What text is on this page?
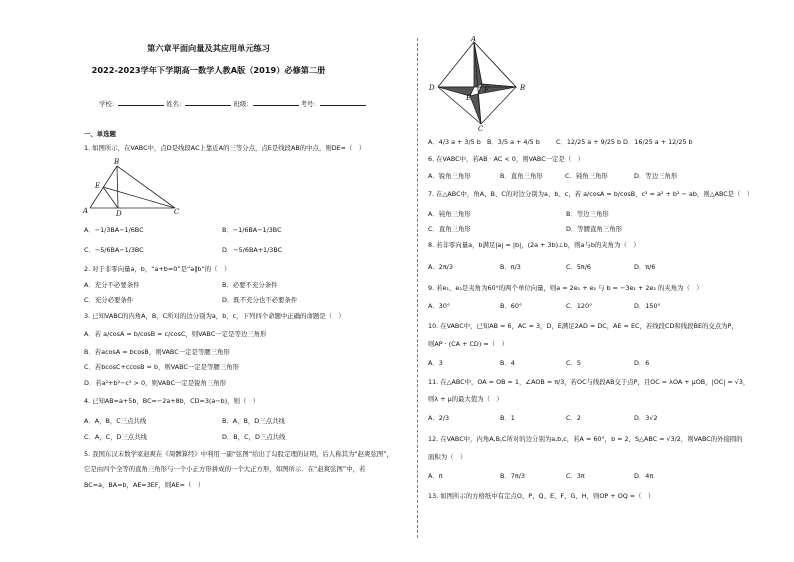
第六章平面向量及其应用单元练习
2022-2023学年下学期高一数学人教A版（2019）必修第二册
学校：	姓名：	班级：	考号：
一、单选题
1. 如图所示，在VABC中，点D是线段AC上靠近A的三等分点，点E是线段AB的中点，则DE=（　）
B
E
A	D	C
A．−1/3BA−1/6BC	B．−1/6BA−1/3BC
C．−5/6BA−1/3BC	D．−5/6BA+1/3BC
2. 对于非零向量a，b，“a+b=0”是“a∥b”的（　）
A．充分不必要条件	B．必要不充分条件
C．充分必要条件	D．既不充分也不必要条件
3. 已知VABC的内角A，B，C所对的边分别为a，b，c，下列四个命题中正确的命题是（　）
A．若 a/cosA = b/cosB = c/cosC，则VABC一定是等边三角形
B．若acosA = bcosB，则VABC一定是等腰三角形
C．若bcosC+ccosB = b，则VABC一定是等腰三角形
D．若a²+b²−c² > 0，则VABC一定是锐角三角形
4. 已知AB=a+5b，BC=−2a+8b，CD=3(a−b)，则（　）
A．A，B，C三点共线	B．A，B，D三点共线
C．A，C，D三点共线	D．B，C，D三点共线
5. 我国东汉末数学家赵爽在《周髀算经》中利用一副“弦图”给出了勾股定理的证明，后人称其为“赵爽弦图”，
它是由四个全等的直角三角形与一个小正方形拼成的一个大正方形，如图所示．在“赵爽弦图”中，若
BC=a，BA=b，AE=3EF，则AE=（　）
A
B
D
E
F
C
A．4/3 a + 3/5 b B．3/5 a + 4/5 b	C．12/25 a + 9/25 b D．16/25 a + 12/25 b
6. 在VABC中，若AB · AC < 0，则VABC一定是（　）
A．锐角三角形	B．直角三角形	C．钝角三角形	D．等边三角形
7. 在△ABC中，角A、B、C的对边分别为a、b、c，若 a/cosA = b/cosB，c² = a² + b² − ab，则△ABC是（　）
A．钝角三角形	B．等边三角形
C．直角三角形	D．等腰直角三角形
8. 若非零向量a，b满足|a| = |b|，(2a + 3b)⊥b，则a与b的夹角为（　）
A．2π/3	B．π/3	C．5π/6	D．π/6
9. 若e₁，e₂是夹角为60°的两个单位向量，则a = 2e₁ + e₂ 与 b = −3e₁ + 2e₂ 的夹角为（　）
A．30°	B．60°	C．120°	D．150°
10. 在VABC中，已知AB = 6，AC = 3，D，E满足2AD = DC，AE = EC，若线段CD和线段BE的交点为P，
则AP · (CA + CD) =（　）
A．3	B．4	C．5	D．6
11. 在△ABC中，OA = OB = 1，∠AOB = π/3，若OC与线段AB交于点P，且OC = λOA + μOB，|OC| = √3，
则λ + μ的最大值为（　）
A．2/3	B．1	C．2	D．3√2
12. 在VABC中，内角A,B,C所对的边分别为a,b,c，若A = 60°，b = 2，S△ABC = √3/2，则VABC的外接圆的
面积为（　）
A．π	B．7π/3	C．3π	D．4π
13. 如图所示的方格纸中有定点O、P、Q、E、F、G、H，则OP + OQ =（　）
